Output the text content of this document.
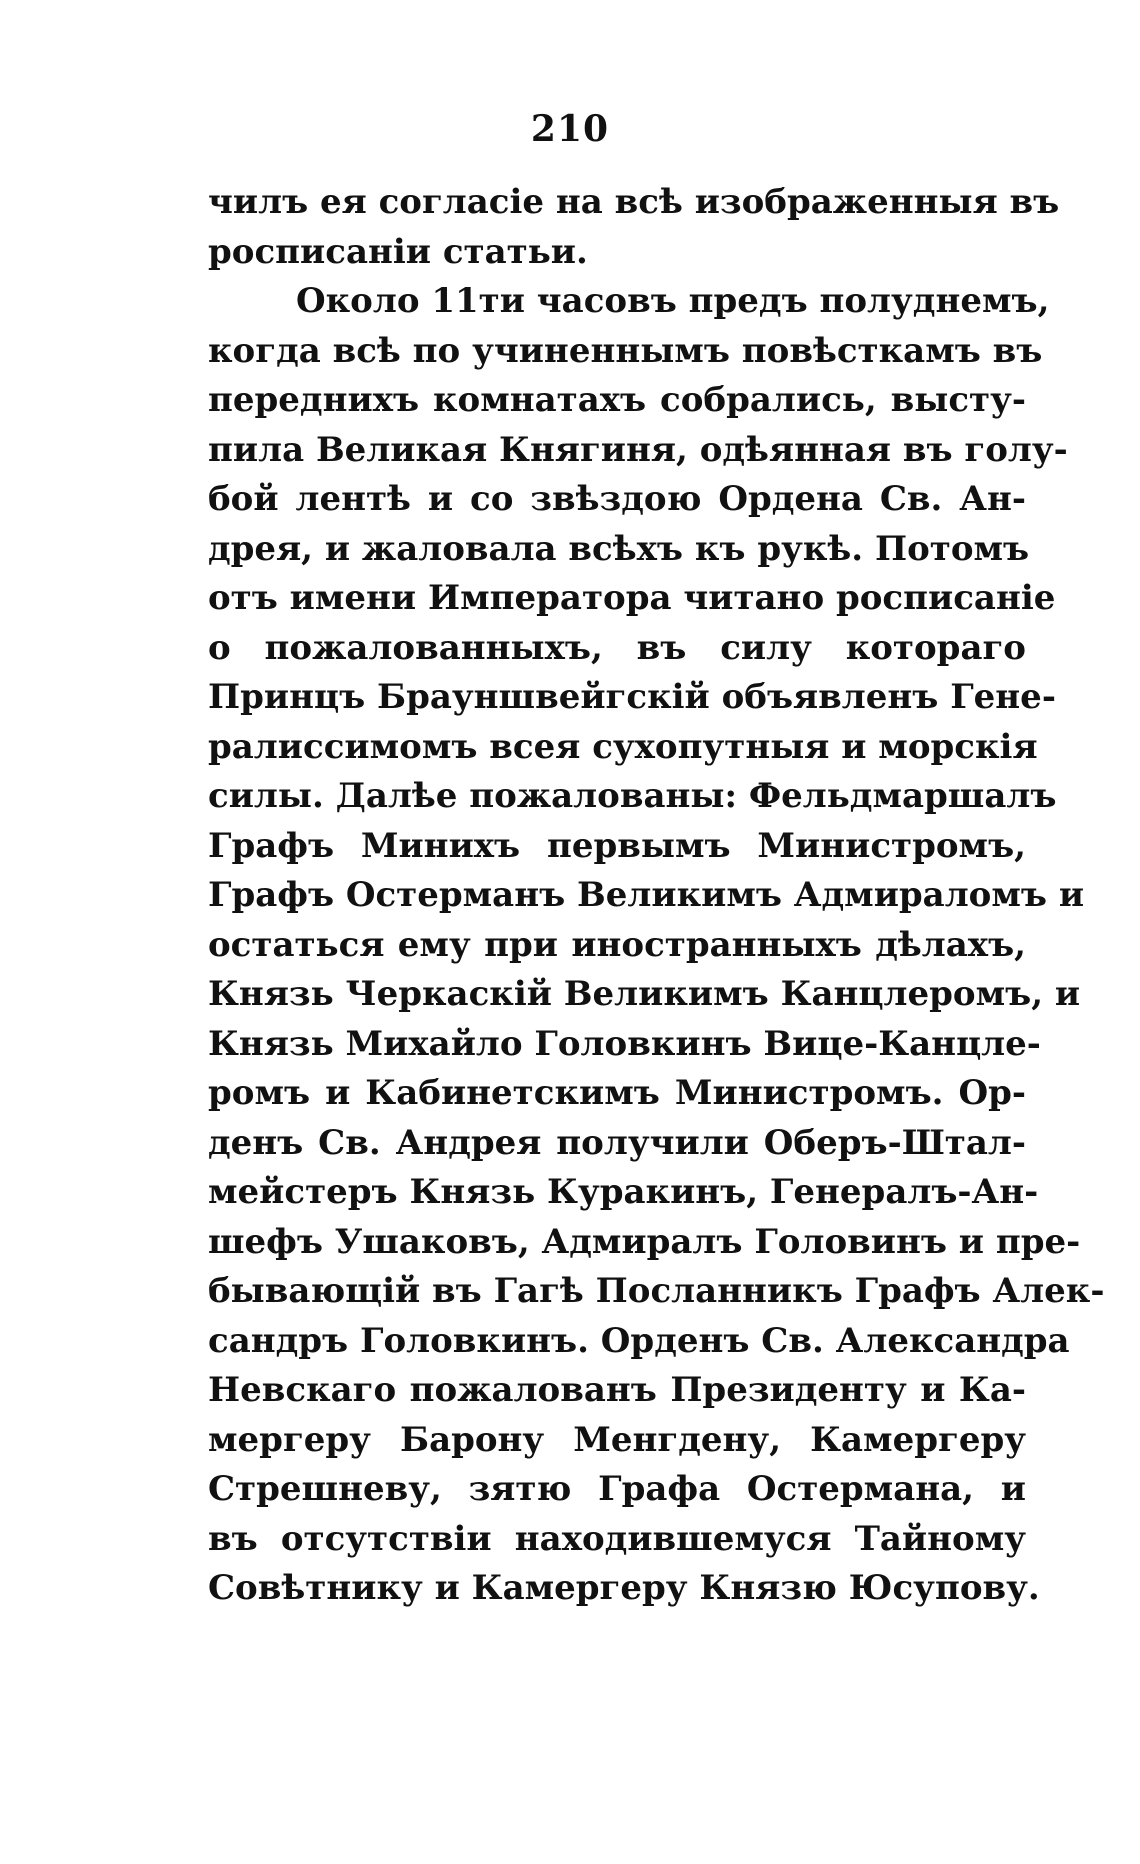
210
чилъ ея согласіе на всѣ изображенныя въ
росписаніи статьи.
Около 11ти часовъ предъ полуднемъ,
когда всѣ по учиненнымъ повѣсткамъ въ
переднихъ комнатахъ собрались, высту-
пила Великая Княгиня, одѣянная въ голу-
бой лентѣ и со звѣздою Ордена Св. Ан-
дрея, и жаловала всѣхъ къ рукѣ. Потомъ
отъ имени Императора читано росписаніе
о пожалованныхъ, въ силу котораго
Принцъ Брауншвейгскій объявленъ Гене-
ралиссимомъ всея сухопутныя и морскія
силы. Далѣе пожалованы: Фельдмаршалъ
Графъ Минихъ первымъ Министромъ,
Графъ Остерманъ Великимъ Адмираломъ и
остаться ему при иностранныхъ дѣлахъ,
Князь Черкаскій Великимъ Канцлеромъ, и
Князь Михайло Головкинъ Вице-Канцле-
ромъ и Кабинетскимъ Министромъ. Ор-
денъ Св. Андрея получили Оберъ-Штал-
мейстеръ Князь Куракинъ, Генералъ-Ан-
шефъ Ушаковъ, Адмиралъ Головинъ и пре-
бывающій въ Гагѣ Посланникъ Графъ Алек-
сандръ Головкинъ. Орденъ Св. Александра
Невскаго пожалованъ Президенту и Ка-
мергеру Барону Менгдену, Камергеру
Стрешневу, зятю Графа Остермана, и
въ отсутствіи находившемуся Тайному
Совѣтнику и Камергеру Князю Юсупову.
